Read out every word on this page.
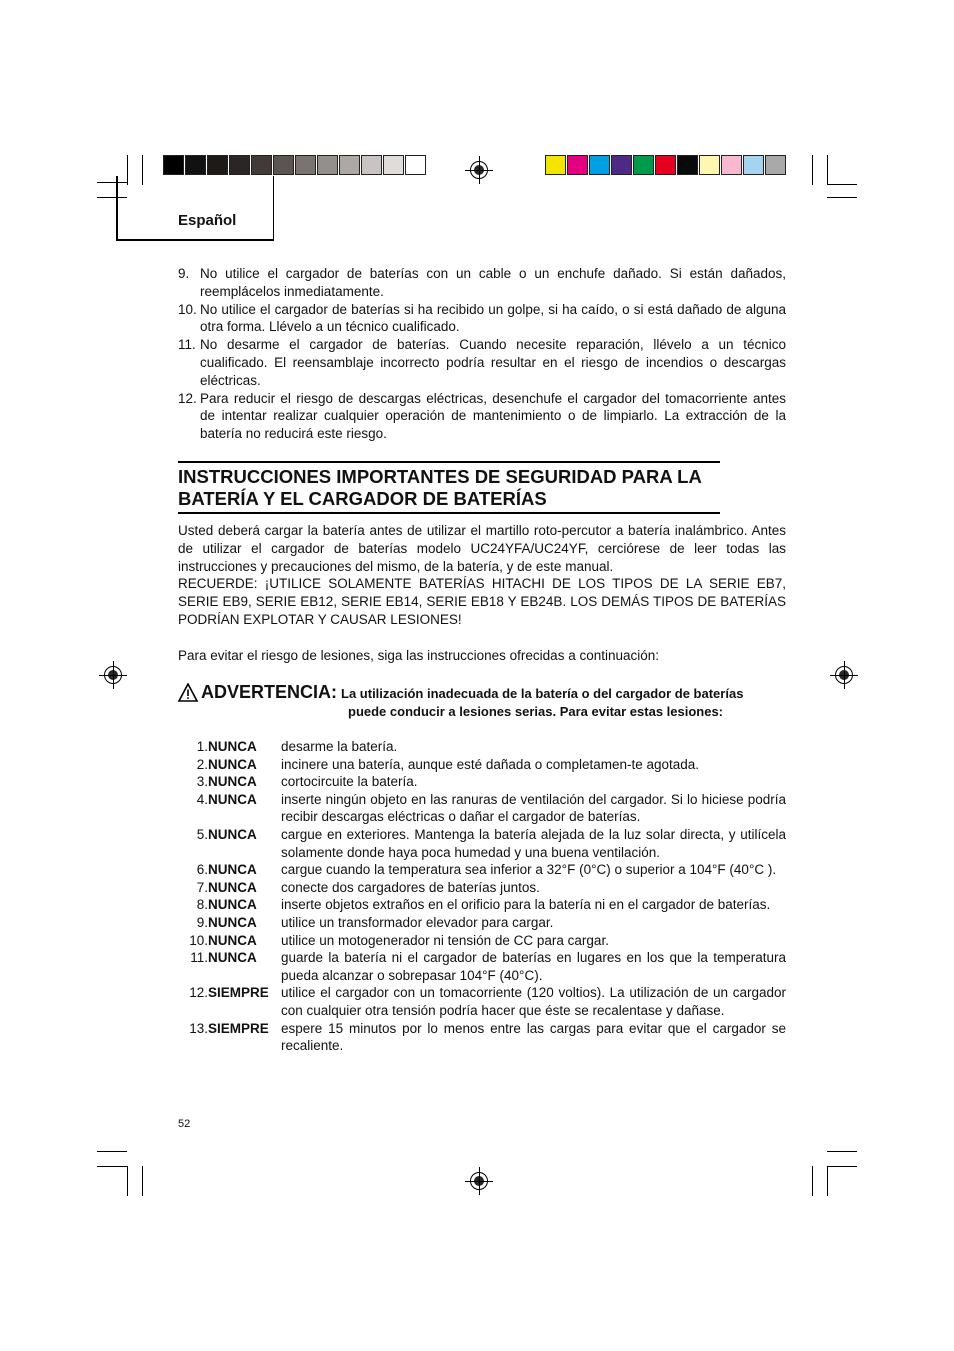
Español
9. No utilice el cargador de baterías con un cable o un enchufe dañado. Si están dañados, reemplácelos inmediatamente.
10. No utilice el cargador de baterías si ha recibido un golpe, si ha caído, o si está dañado de alguna otra forma. Llévelo a un técnico cualificado.
11. No desarme el cargador de baterías. Cuando necesite reparación, llévelo a un técnico cualificado. El reensamblaje incorrecto podría resultar en el riesgo de incendios o descargas eléctricas.
12. Para reducir el riesgo de descargas eléctricas, desenchufe el cargador del tomacorriente antes de intentar realizar cualquier operación de mantenimiento o de limpiarlo. La extracción de la batería no reducirá este riesgo.
INSTRUCCIONES IMPORTANTES DE SEGURIDAD PARA LA
BATERÍA Y EL CARGADOR DE BATERÍAS

Usted deberá cargar la batería antes de utilizar el martillo roto-percutor a batería inalámbrico. Antes de utilizar el cargador de baterías modelo UC24YFA/UC24YF, cerciórese de leer todas las instrucciones y precauciones del mismo, de la batería, y de este manual.

RECUERDE: ¡UTILICE SOLAMENTE BATERÍAS HITACHI DE LOS TIPOS DE LA SERIE EB7, SERIE EB9, SERIE EB12, SERIE EB14, SERIE EB18 Y EB24B. LOS DEMÁS TIPOS DE BATERÍAS PODRÍAN EXPLOTAR Y CAUSAR LESIONES!

Para evitar el riesgo de lesiones, siga las instrucciones ofrecidas a continuación:

ADVERTENCIA: La utilización inadecuada de la batería o del cargador de baterías
puede conducir a lesiones serias. Para evitar estas lesiones:
1. NUNCA	desarme la batería.
2. NUNCA	incinere una batería, aunque esté dañada o completamen-te agotada.
3. NUNCA	cortocircuite la batería.
4. NUNCA	inserte ningún objeto en las ranuras de ventilación del cargador. Si lo hiciese podría recibir descargas eléctricas o dañar el cargador de baterías.
5. NUNCA	cargue en exteriores. Mantenga la batería alejada de la luz solar directa, y utilícela solamente donde haya poca humedad y una buena ventilación.
6. NUNCA	cargue cuando la temperatura sea inferior a 32°F (0°C) o superior a 104°F (40°C ).
7. NUNCA	conecte dos cargadores de baterías juntos.
8. NUNCA	inserte objetos extraños en el orificio para la batería ni en el cargador de baterías.
9. NUNCA	utilice un transformador elevador para cargar.
10. NUNCA	utilice un motogenerador ni tensión de CC para cargar.
11. NUNCA	guarde la batería ni el cargador de baterías en lugares en los que la temperatura pueda alcanzar o sobrepasar 104°F (40°C).
12. SIEMPRE utilice el cargador con un tomacorriente (120 voltios). La utilización de un cargador con cualquier otra tensión podría hacer que éste se recalentase y dañase.
13. SIEMPRE espere 15 minutos por lo menos entre las cargas para evitar que el cargador se recaliente.
52
